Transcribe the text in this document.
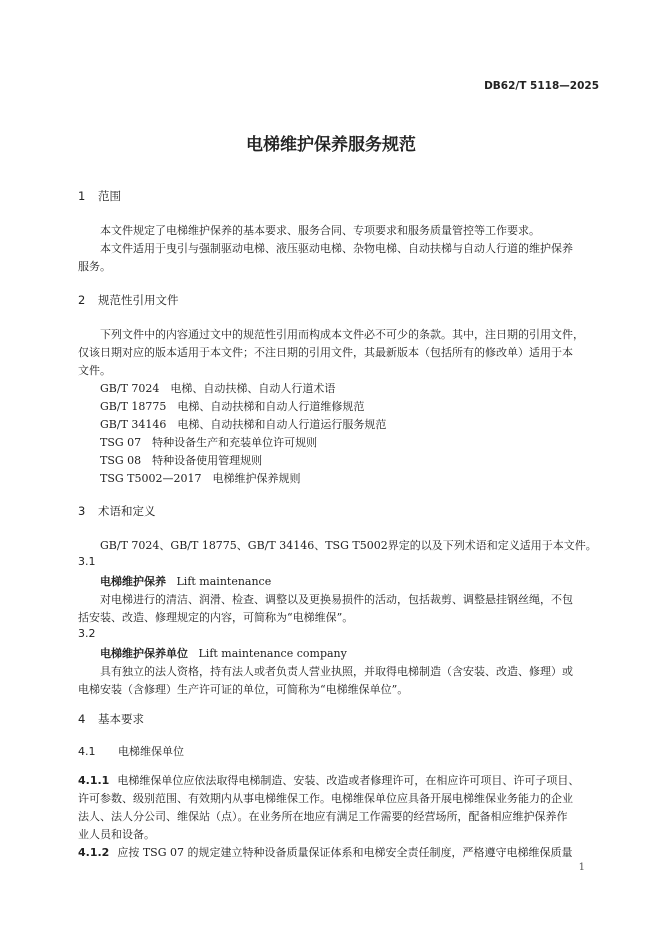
DB62/T 5118—2025
电梯维护保养服务规范
1 范围
本文件规定了电梯维护保养的基本要求、服务合同、专项要求和服务质量管控等工作要求。
本文件适用于曳引与强制驱动电梯、液压驱动电梯、杂物电梯、自动扶梯与自动人行道的维护保养
服务。
2 规范性引用文件
下列文件中的内容通过文中的规范性引用而构成本文件必不可少的条款。其中，注日期的引用文件，
仅该日期对应的版本适用于本文件；不注日期的引用文件，其最新版本（包括所有的修改单）适用于本
文件。
GB/T 7024　电梯、自动扶梯、自动人行道术语
GB/T 18775　电梯、自动扶梯和自动人行道维修规范
GB/T 34146　电梯、自动扶梯和自动人行道运行服务规范
TSG 07　特种设备生产和充装单位许可规则
TSG 08　特种设备使用管理规则
TSG T5002—2017　电梯维护保养规则
3 术语和定义
GB/T 7024、GB/T 18775、GB/T 34146、TSG T5002界定的以及下列术语和定义适用于本文件。
3.1
电梯维护保养 Lift maintenance
对电梯进行的清洁、润滑、检查、调整以及更换易损件的活动，包括裁剪、调整悬挂钢丝绳，不包
括安装、改造、修理规定的内容，可简称为“电梯维保”。
3.2
电梯维护保养单位 Lift maintenance company
具有独立的法人资格，持有法人或者负责人营业执照，并取得电梯制造（含安装、改造、修理）或
电梯安装（含修理）生产许可证的单位，可简称为“电梯维保单位”。
4 基本要求
4.1 电梯维保单位
4.1.1 电梯维保单位应依法取得电梯制造、安装、改造或者修理许可，在相应许可项目、许可子项目、
许可参数、级别范围、有效期内从事电梯维保工作。电梯维保单位应具备开展电梯维保业务能力的企业
法人、法人分公司、维保站（点）。在业务所在地应有满足工作需要的经营场所，配备相应维护保养作
业人员和设备。
4.1.2 应按 TSG 07 的规定建立特种设备质量保证体系和电梯安全责任制度，严格遵守电梯维保质量
1
